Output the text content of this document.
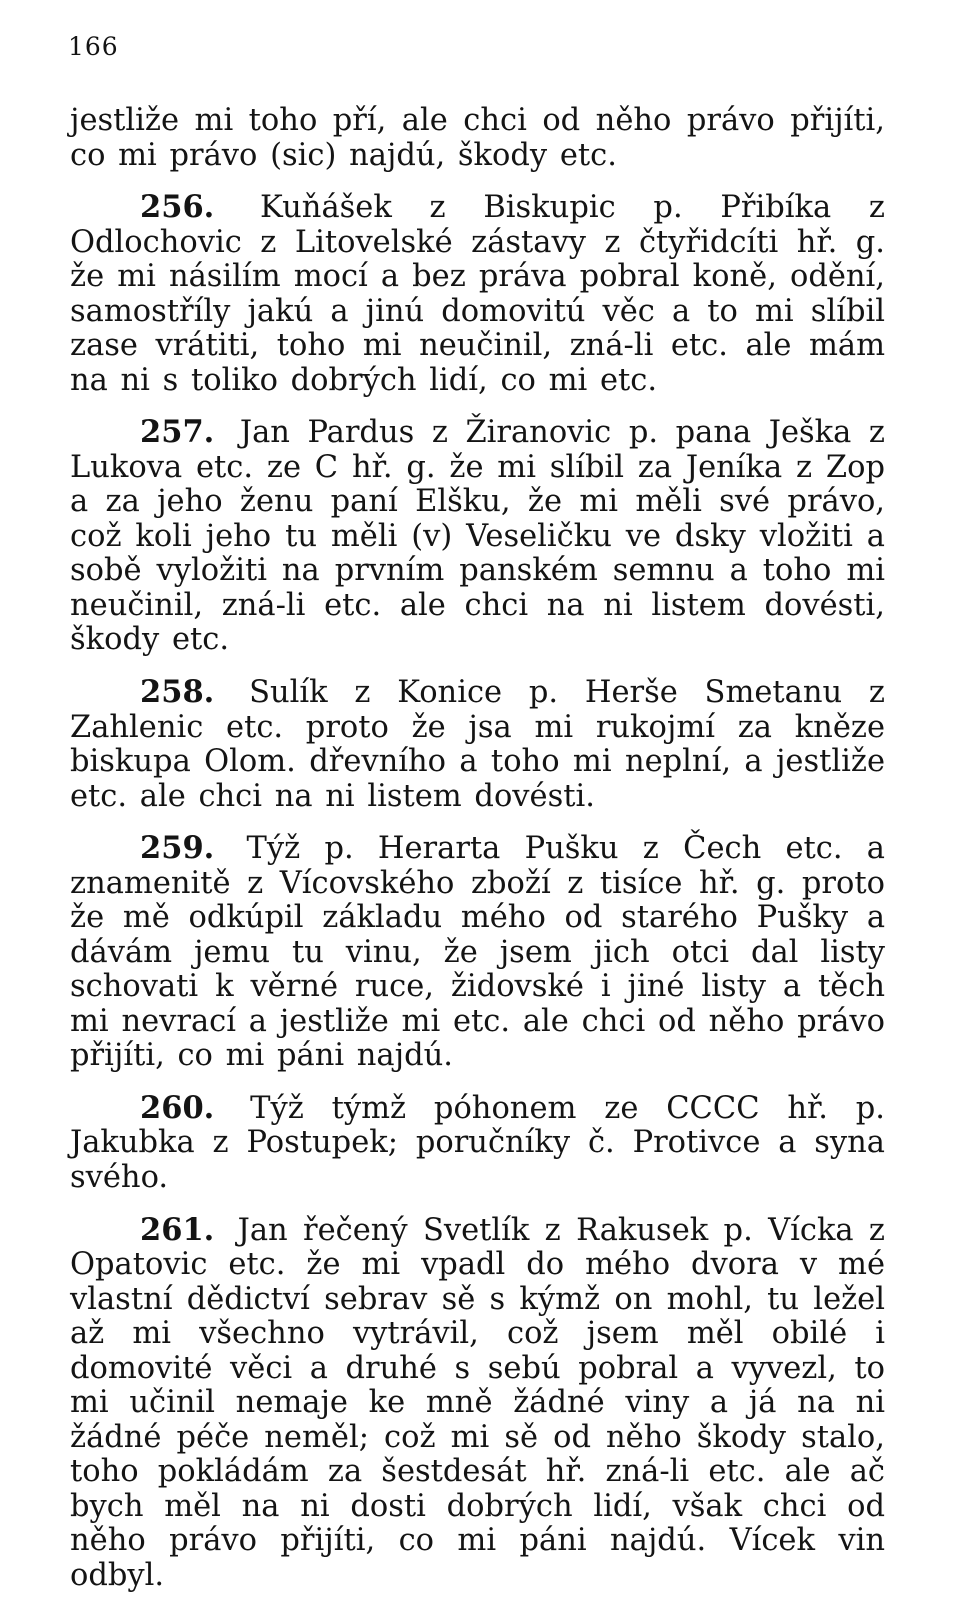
166

jestliže mi toho pří, ale chci od něho právo přijíti, co mi právo (sic) najdú, škody etc.

256. Kuňášek z Biskupic p. Přibíka z Odlochovic z Litovelské zástavy z čtyřidcíti hř. g. že mi násilím mocí a bez práva pobral koně, odění, samostříly jakú a jinú domovitú věc a to mi slíbil zase vrátiti, toho mi neučinil, zná-li etc. ale mám na ni s toliko dobrých lidí, co mi etc.

257. Jan Pardus z Žiranovic p. pana Ješka z Lukova etc. ze C hř. g. že mi slíbil za Jeníka z Zop a za jeho ženu paní Elšku, že mi měli své právo, což koli jeho tu měli (v) Veseličku ve dsky vložiti a sobě vyložiti na prvním panském semnu a toho mi neučinil, zná-li etc. ale chci na ni listem dovésti, škody etc.

258. Sulík z Konice p. Herše Smetanu z Zahlenic etc. proto že jsa mi rukojmí za kněze biskupa Olom. dřevního a toho mi neplní, a jestliže etc. ale chci na ni listem dovésti.

259. Týž p. Herarta Pušku z Čech etc. a znamenitě z Vícovského zboží z tisíce hř. g. proto že mě odkúpil základu mého od starého Pušky a dávám jemu tu vinu, že jsem jich otci dal listy schovati k věrné ruce, židovské i jiné listy a těch mi nevrací a jestliže mi etc. ale chci od něho právo přijíti, co mi páni najdú.

260. Týž týmž póhonem ze CCCC hř. p. Jakubka z Postupek; poručníky č. Protivce a syna svého.

261. Jan řečený Svetlík z Rakusek p. Vícka z Opatovic etc. že mi vpadl do mého dvora v mé vlastní dědictví sebrav sě s kýmž on mohl, tu ležel až mi všechno vytrávil, což jsem měl obilé i domovité věci a druhé s sebú pobral a vyvezl, to mi učinil nemaje ke mně žádné viny a já na ni žádné péče neměl; což mi sě od něho škody stalo, toho pokládám za šestdesát hř. zná-li etc. ale ač bych měl na ni dosti dobrých lidí, však chci od něho právo přijíti, co mi páni najdú. Vícek vin odbyl.
